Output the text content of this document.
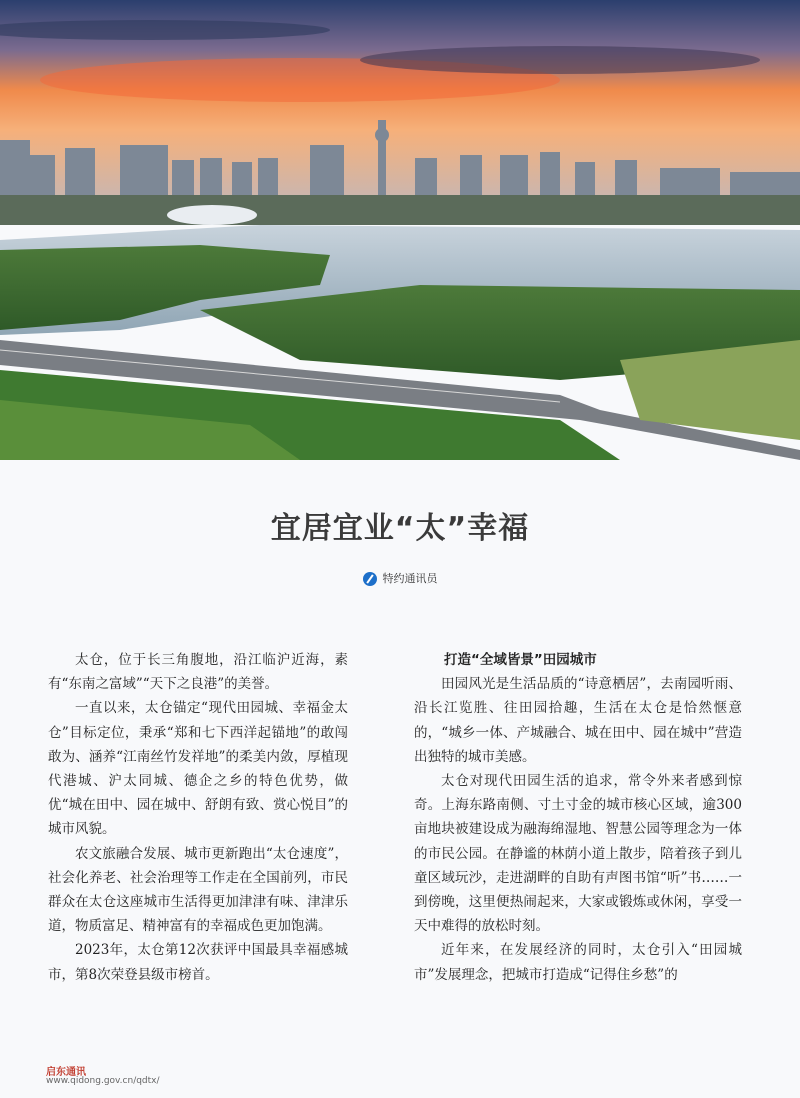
宜居宜业“太”幸福
特约通讯员

太仓，位于长三角腹地，沿江临沪近海，素有“东南之富域”“天下之良港”的美誉。

一直以来，太仓锚定“现代田园城、幸福金太仓”目标定位，秉承“郑和七下西洋起锚地”的敢闯敢为、涵养“江南丝竹发祥地”的柔美内敛，厚植现代港城、沪太同城、德企之乡的特色优势，做优“城在田中、园在城中、舒朗有致、赏心悦目”的城市风貌。

农文旅融合发展、城市更新跑出“太仓速度”，社会化养老、社会治理等工作走在全国前列，市民群众在太仓这座城市生活得更加津津有味、津津乐道，物质富足、精神富有的幸福成色更加饱满。

2023年，太仓第12次获评中国最具幸福感城市，第8次荣登县级市榜首。

打造“全域皆景”田园城市

田园风光是生活品质的“诗意栖居”，去南园听雨、沿长江览胜、往田园拾趣，生活在太仓是恰然惬意的，“城乡一体、产城融合、城在田中、园在城中”营造出独特的城市美感。

太仓对现代田园生活的追求，常令外来者感到惊奇。上海东路南侧、寸土寸金的城市核心区域，逾300亩地块被建设成为融海绵湿地、智慧公园等理念为一体的市民公园。在静谧的林荫小道上散步，陪着孩子到儿童区域玩沙，走进湖畔的自助有声图书馆“听”书……一到傍晚，这里便热闹起来，大家或锻炼或休闲，享受一天中难得的放松时刻。

近年来，在发展经济的同时，太仓引入“田园城市”发展理念，把城市打造成“记得住乡愁”的

启东通讯
www.qidong.gov.cn/qdtx/
